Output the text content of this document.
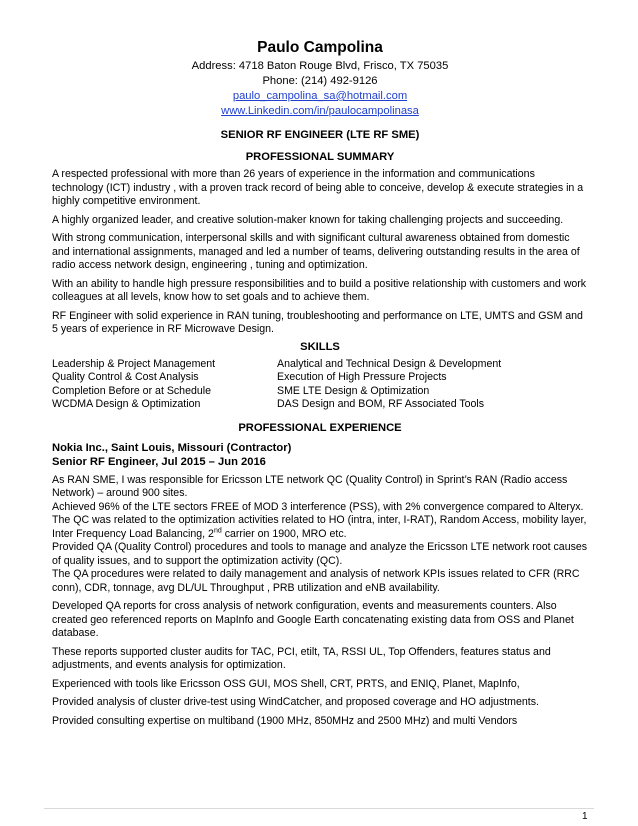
Paulo Campolina
Address: 4718 Baton Rouge Blvd, Frisco, TX 75035
Phone: (214) 492-9126
paulo_campolina_sa@hotmail.com
www.Linkedin.com/in/paulocampolinasa
SENIOR RF ENGINEER (LTE RF SME)
PROFESSIONAL SUMMARY

A respected professional with more than 26 years of experience in the information and communications technology (ICT) industry , with a proven track record of being able to conceive, develop & execute strategies in a highly competitive environment.

A highly organized leader, and creative solution-maker known for taking challenging projects and succeeding.

With strong communication, interpersonal skills and with significant cultural awareness obtained from domestic and international assignments, managed and led a number of teams, delivering outstanding results in the area of radio access network design, engineering , tuning and optimization.

With an ability to handle high pressure responsibilities and to build a positive relationship with customers and work colleagues at all levels, know how to set goals and to achieve them.

RF Engineer with solid experience in RAN tuning, troubleshooting and performance on LTE, UMTS and GSM and 5 years of experience in RF Microwave Design.

SKILLS
Leadership & Project Management	Analytical and Technical Design & Development
Quality Control & Cost Analysis	Execution of High Pressure Projects
Completion Before or at Schedule	SME LTE Design & Optimization
WCDMA Design & Optimization	DAS Design and BOM, RF Associated Tools
PROFESSIONAL EXPERIENCE
Nokia Inc., Saint Louis, Missouri (Contractor)
Senior RF Engineer, Jul 2015 – Jun 2016

As RAN SME, I was responsible for Ericsson LTE network QC (Quality Control) in Sprint’s RAN (Radio access Network) – around 900 sites.

Achieved 96% of the LTE sectors FREE of MOD 3 interference (PSS), with 2% convergence compared to Alteryx.

The QC was related to the optimization activities related to HO (intra, inter, I-RAT), Random Access, mobility layer, Inter Frequency Load Balancing, 2nd carrier on 1900, MRO etc.

Provided QA (Quality Control) procedures and tools to manage and analyze the Ericsson LTE network root causes of quality issues, and to support the optimization activity (QC).

The QA procedures were related to daily management and analysis of network KPIs issues related to CFR (RRC conn), CDR, tonnage, avg DL/UL Throughput , PRB utilization and eNB availability.

Developed QA reports for cross analysis of network configuration, events and measurements counters. Also created geo referenced reports on MapInfo and Google Earth concatenating existing data from OSS and Planet database.

These reports supported cluster audits for TAC, PCI, etilt, TA, RSSI UL, Top Offenders, features status and adjustments, and events analysis for optimization.

Experienced with tools like Ericsson OSS GUI, MOS Shell, CRT, PRTS, and ENIQ, Planet, MapInfo,

Provided analysis of cluster drive-test using WindCatcher, and proposed coverage and HO adjustments.

Provided consulting expertise on multiband (1900 MHz, 850MHz and 2500 MHz) and multi Vendors

1
